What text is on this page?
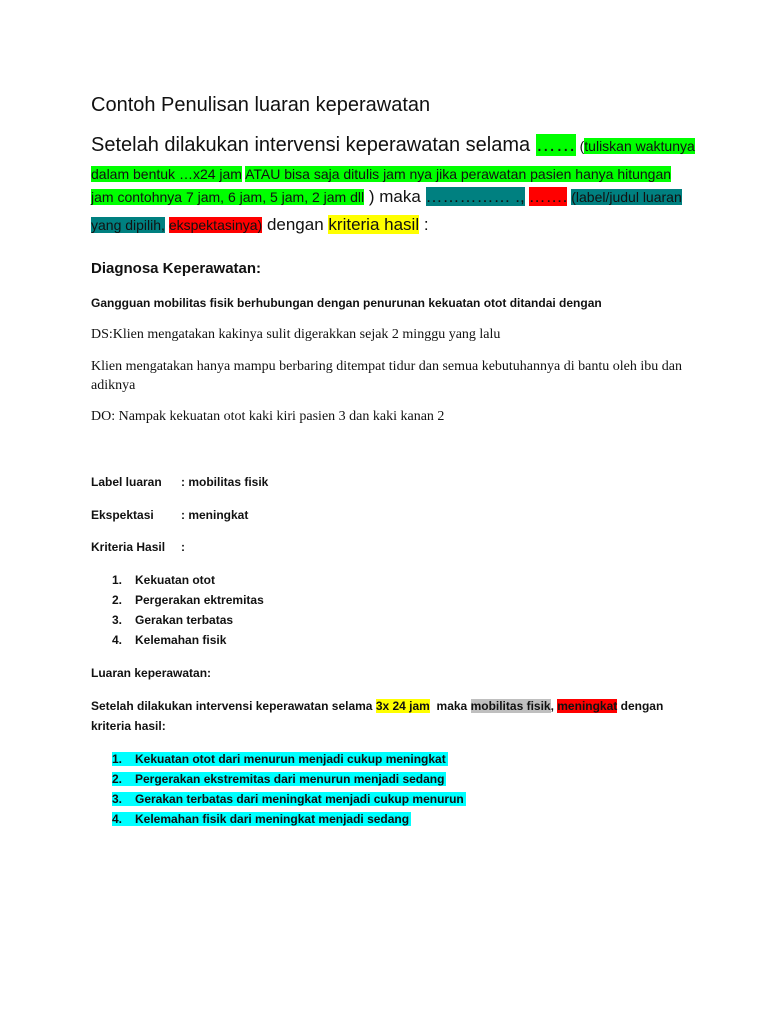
Contoh Penulisan luaran keperawatan
Setelah dilakukan intervensi keperawatan selama …… (tuliskan waktunya
dalam bentuk …x24 jam ATAU bisa saja ditulis jam nya jika perawatan pasien hanya hitungan
jam contohnya 7 jam, 6 jam, 5 jam, 2 jam dll ) maka …………… ., ……. (label/judul luaran
yang dipilih, ekspektasinya) dengan kriteria hasil :
Diagnosa Keperawatan:
Gangguan mobilitas fisik berhubungan dengan penurunan kekuatan otot ditandai dengan
DS:Klien mengatakan kakinya sulit digerakkan sejak 2 minggu yang lalu
Klien mengatakan hanya mampu berbaring ditempat tidur dan semua kebutuhannya di bantu oleh ibu dan
adiknya
DO: Nampak kekuatan otot kaki kiri pasien 3 dan kaki kanan 2
Label luaran : mobilitas fisik
Ekspektasi : meningkat
Kriteria Hasil :
1. Kekuatan otot
2. Pergerakan ektremitas
3. Gerakan terbatas
4. Kelemahan fisik
Luaran keperawatan:
Setelah dilakukan intervensi keperawatan selama 3x 24 jam  maka mobilitas fisik, meningkat dengan
kriteria hasil:
1. Kekuatan otot dari menurun menjadi cukup meningkat
2. Pergerakan ekstremitas dari menurun menjadi sedang
3. Gerakan terbatas dari meningkat menjadi cukup menurun
4. Kelemahan fisik dari meningkat menjadi sedang
